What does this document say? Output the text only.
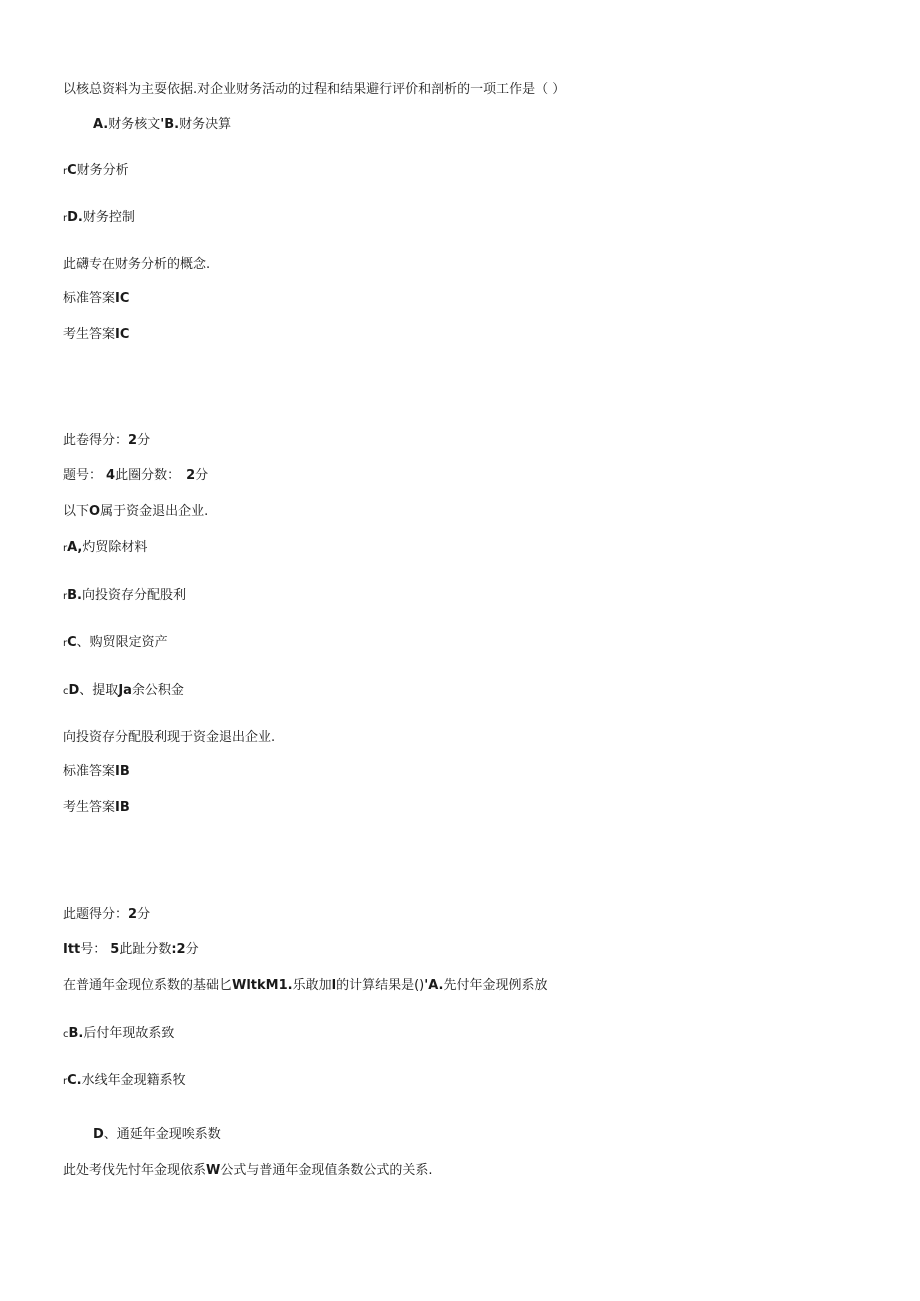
以核总资料为主耍依据.对企业财务活动的过程和结果避行评价和剖析的一项工作是（ ）
A.财务核文'B.财务决算
rC财务分析
rD.财务控制
此礴专在财务分析的概念.
标准答案IC
考生答案IC
此卷得分：2分
题号： 4此圈分数： 2分
以下O属于资金退出企业.
rA,灼贸除材料
rB.向投资存分配股利
rC、购贸限定资产
cD、提取Ja余公积金
向投资存分配股利现于资金退出企业.
标准答案IB
考生答案IB
此题得分：2分
Itt号： 5此趾分数:2分
在普通年金现位系数的基础匕WltkM1.乐敢加l的计算结果是()'A.先付年金现例系放
cB.后付年现故系致
rC.水线年金现籍系牧
D、通延年金现唉系数
此处考伐先忖年金现依系W公式与普通年金现值条数公式的关系.
